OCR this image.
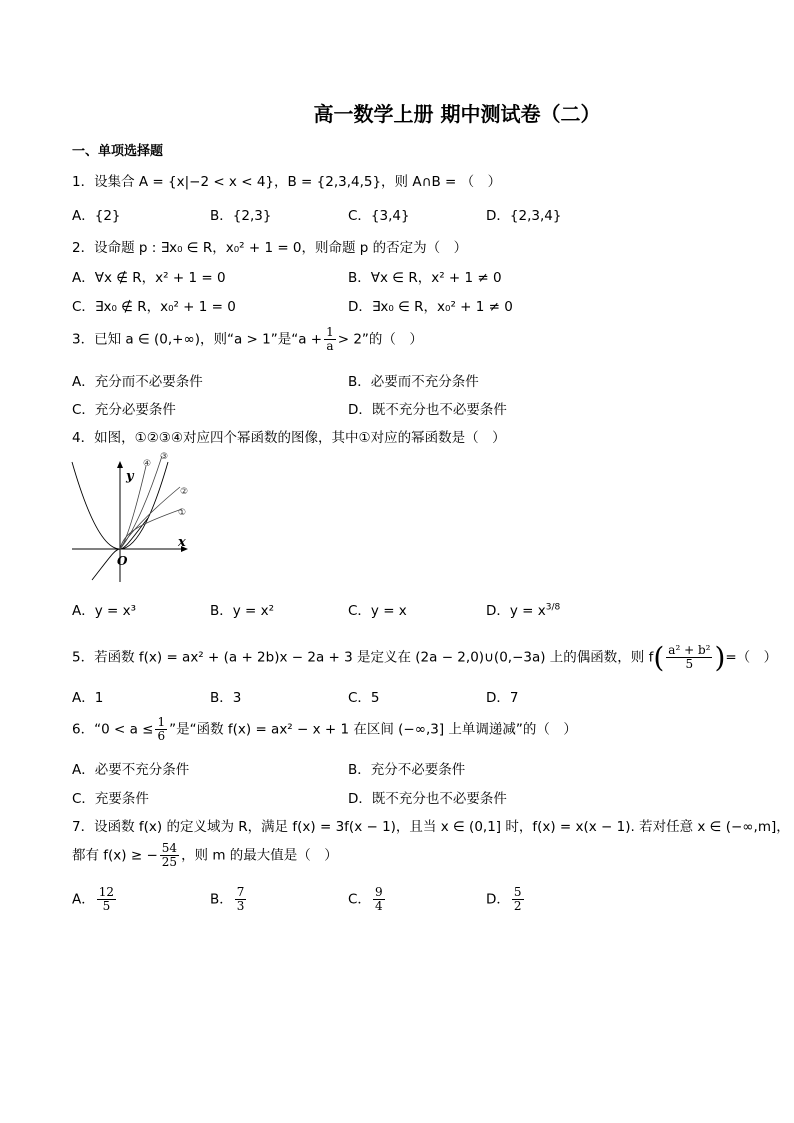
高一数学上册 期中测试卷（二）
一、单项选择题
1．设集合 A = {x|−2 < x < 4}，B = {2,3,4,5}，则 A∩B = （　）
A．{2}	B．{2,3}	C．{3,4}	D．{2,3,4}
2．设命题 p : ∃x₀ ∈ R，x₀² + 1 = 0，则命题 p 的否定为（　）
A．∀x ∉ R，x² + 1 = 0	B．∀x ∈ R，x² + 1 ≠ 0
C．∃x₀ ∉ R，x₀² + 1 = 0	D．∃x₀ ∈ R，x₀² + 1 ≠ 0
3．已知 a ∈ (0,+∞)，则“a > 1”是“$a + \frac{1}{a} > 2$”的（　）
A．充分而不必要条件	B．必要而不充分条件
C．充分必要条件	D．既不充分也不必要条件
4．如图，①②③④对应四个幂函数的图像，其中①对应的幂函数是（　）
y
x
O
④
③
②
①
A．y = x³	B．y = x²	C．y = x	D．$y = x^{3/8}$
5．若函数 f(x) = ax² + (a + 2b)x − 2a + 3 是定义在 (2a − 2,0)∪(0,−3a) 上的偶函数，则 $f( \frac{\text{a² + b²}}{5}$ )=（　）
A．1	B．3	C．5	D．7
6．“$0 < a \le \frac{1}{6}$ ”是“函数 f(x) = ax² − x + 1 在区间 (−∞,3] 上单调递减”的（　）
A．必要不充分条件	B．充分不必要条件
C．充要条件	D．既不充分也不必要条件
7．设函数 f(x) 的定义域为 R，满足 f(x) = 3f(x − 1)，且当 x ∈ (0,1] 时，f(x) = x(x − 1). 若对任意 x ∈ (−∞,m]，
都有 f(x) ≥ − $\frac{54}{25}$ ，则 m 的最大值是（　）
A． $\frac{12}{5}$	B． $\frac{7}{3}$	C． $\frac{9}{4}$	D． $\frac{5}{2}$
